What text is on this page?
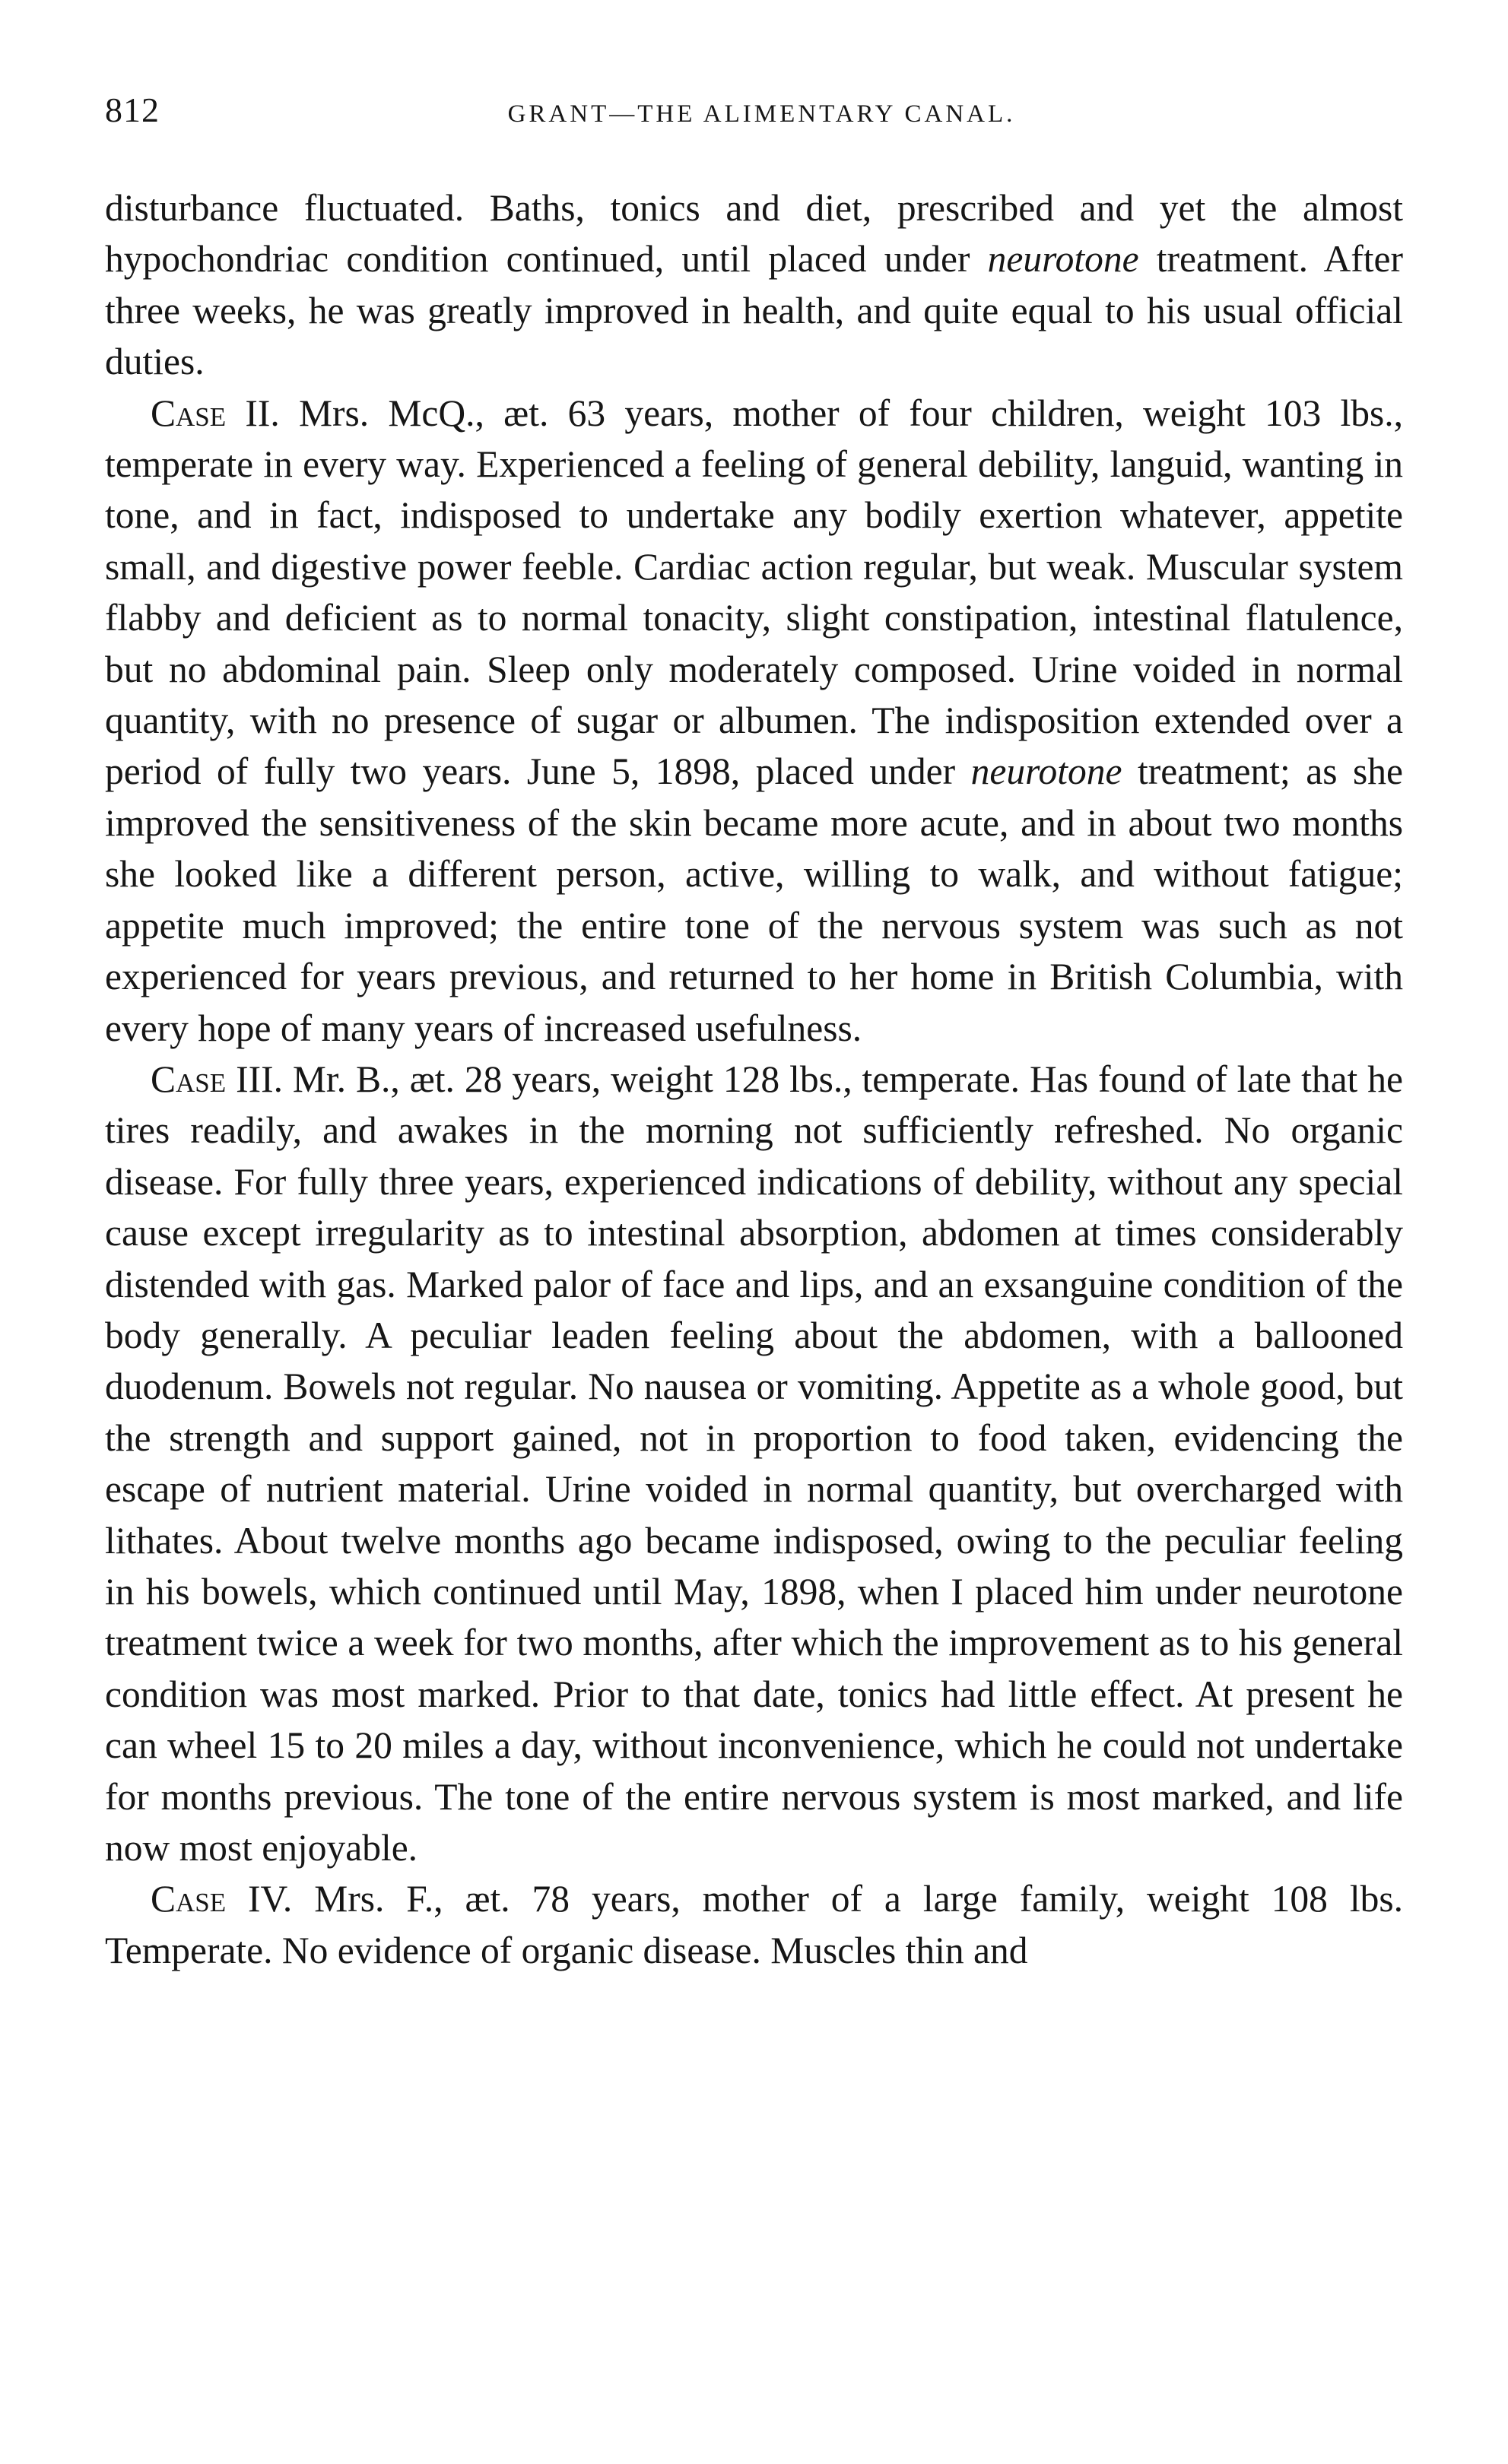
812	GRANT—THE ALIMENTARY CANAL.

disturbance fluctuated. Baths, tonics and diet, prescribed and yet the almost hypochondriac condition continued, until placed under neurotone treatment. After three weeks, he was greatly improved in health, and quite equal to his usual official duties.

Case II. Mrs. McQ., æt. 63 years, mother of four children, weight 103 lbs., temperate in every way. Experienced a feeling of general debility, languid, wanting in tone, and in fact, indisposed to undertake any bodily exertion whatever, appetite small, and digestive power feeble. Cardiac action regular, but weak. Muscular system flabby and deficient as to normal tonacity, slight constipation, intestinal flatulence, but no abdominal pain. Sleep only moderately composed. Urine voided in normal quantity, with no presence of sugar or albumen. The indisposition extended over a period of fully two years. June 5, 1898, placed under neurotone treatment; as she improved the sensitiveness of the skin became more acute, and in about two months she looked like a different person, active, willing to walk, and without fatigue; appetite much improved; the entire tone of the nervous system was such as not experienced for years previous, and returned to her home in British Columbia, with every hope of many years of increased usefulness.

Case III. Mr. B., æt. 28 years, weight 128 lbs., temperate. Has found of late that he tires readily, and awakes in the morning not sufficiently refreshed. No organic disease. For fully three years, experienced indications of debility, without any special cause except irregularity as to intestinal absorption, abdomen at times considerably distended with gas. Marked palor of face and lips, and an exsanguine condition of the body generally. A peculiar leaden feeling about the abdomen, with a ballooned duodenum. Bowels not regular. No nausea or vomiting. Appetite as a whole good, but the strength and support gained, not in proportion to food taken, evidencing the escape of nutrient material. Urine voided in normal quantity, but overcharged with lithates. About twelve months ago became indisposed, owing to the peculiar feeling in his bowels, which continued until May, 1898, when I placed him under neurotone treatment twice a week for two months, after which the improvement as to his general condition was most marked. Prior to that date, tonics had little effect. At present he can wheel 15 to 20 miles a day, without inconvenience, which he could not undertake for months previous. The tone of the entire nervous system is most marked, and life now most enjoyable.

Case IV. Mrs. F., æt. 78 years, mother of a large family, weight 108 lbs. Temperate. No evidence of organic disease. Muscles thin and
